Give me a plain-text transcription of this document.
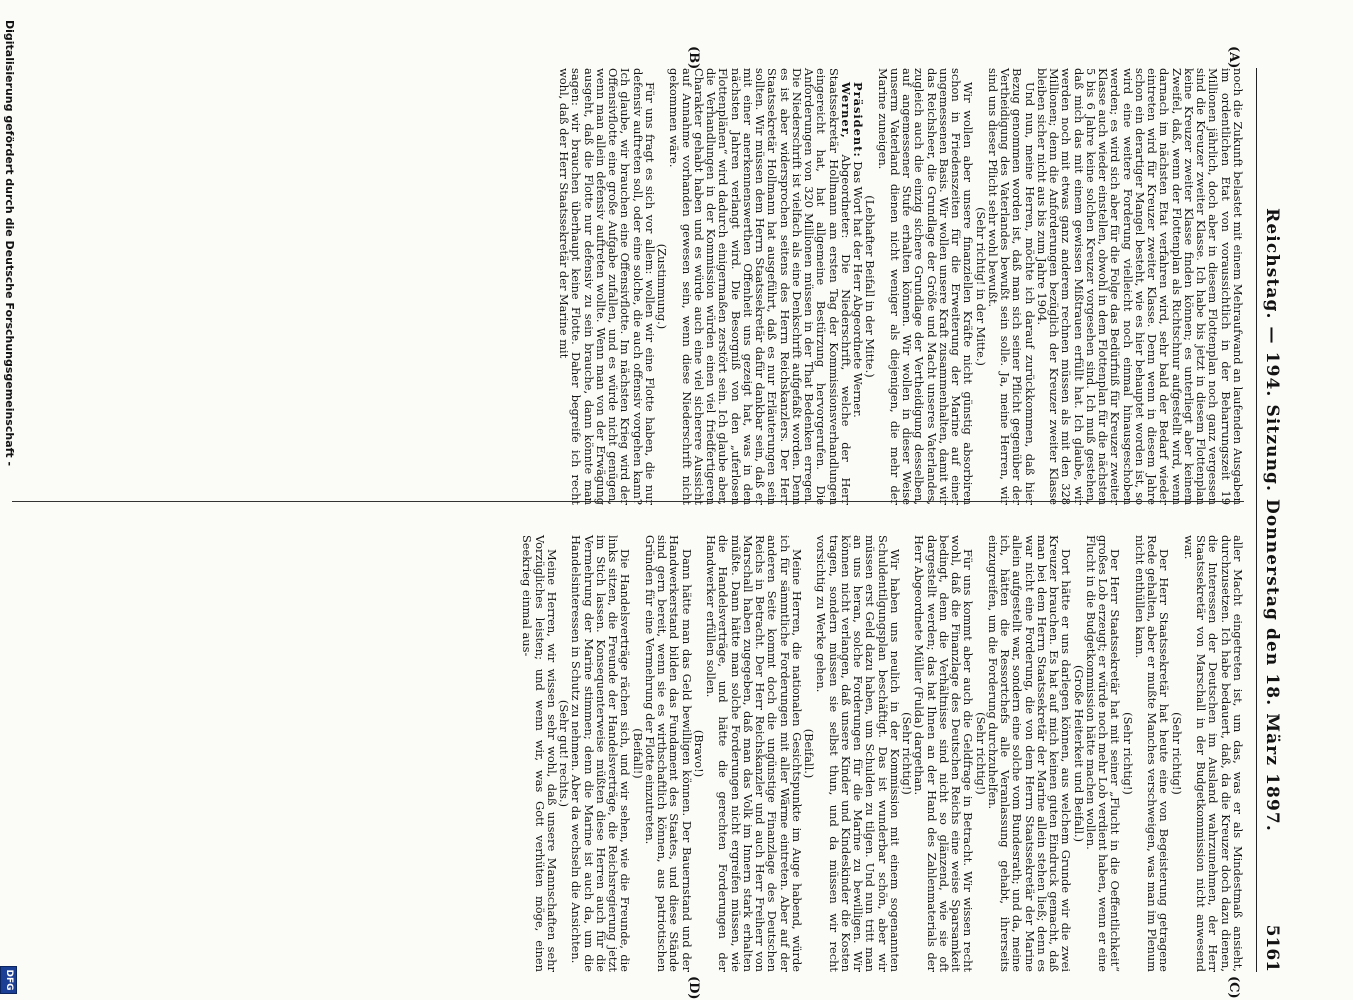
Reichstag. — 194. Sitzung. Donnerstag den 18. März 1897.
5161
(A)
(B)
(C)
(D)

noch die Zukunft belastet mit einem Mehraufwand an laufenden Ausgaben im ordentlichen Etat von voraussichtlich in der Beharrungszeit 19 Millionen jährlich, doch aber in diesem Flottenplan noch ganz vergessen sind die Kreuzer zweiter Klasse. Ich habe bis jetzt in diesem Flottenplan keine Kreuzer zweiter Klasse finden können; es unterliegt aber keinem Zweifel, daß, wenn der Flottenplan als Richtschnur aufgestellt wird, wenn darnach im nächsten Etat verfahren wird, sehr bald der Bedarf wieder eintreten wird für Kreuzer zweiter Klasse. Denn wenn in diesem Jahre schon ein derartiger Mangel besteht, wie es hier behauptet worden ist, so wird eine weitere Forderung vielleicht noch einmal hinausgeschoben werden; es wird sich aber für die Folge das Bedürfniß für Kreuzer zweiter Klasse auch wieder einstellen, obwohl in dem Flottenplan für die nächsten 5 bis 6 Jahre keine solchen Kreuzer vorgesehen sind. Ich muß gestehen, daß mich das mit einem gewissen Mißtrauen erfüllt hat. Ich glaube, wir werden noch mit etwas ganz anderem rechnen müssen als mit den 328 Millionen; denn die Anforderungen bezüglich der Kreuzer zweiter Klasse bleiben sicher nicht aus bis zum Jahre 1904.

Und nun, meine Herren, möchte ich darauf zurückkommen, daß hier Bezug genommen worden ist, daß man sich seiner Pflicht gegenüber der Vertheidigung des Vaterlandes bewußt sein solle. Ja, meine Herren, wir sind uns dieser Pflicht sehr wohl bewußt.

(Sehr richtig! in der Mitte.)

Wir wollen aber unsere finanziellen Kräfte nicht günstig absorbiren schon in Friedenszeiten für die Erweiterung der Marine auf einer ungemessenen Basis. Wir wollen unsere Kraft zusammenhalten, damit wir das Reichsheer, die Grundlage der Größe und Macht unseres Vaterlandes, zugleich auch die einzig sichere Grundlage der Vertheidigung desselben, auf angemessener Stufe erhalten können. Wir wollen in dieser Weise unserm Vaterland dienen nicht weniger als diejenigen, die mehr der Marine zuneigen.

(Lebhafter Beifall in der Mitte.)

Präsident: Das Wort hat der Herr Abgeordnete Werner.

Werner, Abgeordneter: Die Niederschrift, welche der Herr Staatssekretär Hollmann am ersten Tag der Kommissionsverhandlungen eingereicht hat, hat allgemeine Bestürzung hervorgerufen. Die Anforderungen von 320 Millionen müssen in der That Bedenken erregen. Die Niederschrift ist vielfach als eine Denkschrift aufgefaßt worden. Denn es ist aber widersprochen seitens des Herrn Reichskanzlers. Der Herr Staatssekretär Hollmann hat ausgeführt, daß es nur Erläuterungen sein sollten. Wir müssen dem Herrn Staatssekretär dafür dankbar sein, daß er mit einer anerkennenswerthen Offenheit uns gezeigt hat, was in den nächsten Jahren verlangt wird. Die Besorgniß von den „uferlosen Flottenplänen“ wird dadurch einigermaßen zerstört sein. Ich glaube aber, die Verhandlungen in der Kommission würden einen viel friedfertigeren Charakter gehabt haben und es würde auch eine viel sicherere Aussicht auf Annahme vorhanden gewesen sein, wenn diese Niederschrift nicht gekommen wäre.

(Zustimmung.)

Für uns fragt es sich vor allem: wollen wir eine Flotte haben, die nur defensiv auftreten soll, oder eine solche, die auch offensiv vorgehen kann? Ich glaube, wir brauchen eine Offensivflotte. Im nächsten Krieg wird der Offensivflotte eine große Aufgabe zufallen, und es würde nicht genügen, wenn man allein defensiv auftreten wollte. Wenn man von der Erwägung ausgeht, daß die Flotte nur defensiv zu sein brauche, dann könnte man sagen: wir brauchen überhaupt keine Flotte. Daher begreife ich recht wohl, daß der Herr Staatssekretär der Marine mit

aller Macht eingetreten ist, um das, was er als Mindestmaß ansieht, durchzusetzen. Ich habe bedauert, daß, da die Kreuzer doch dazu dienen, die Interessen der Deutschen im Ausland wahrzunehmen, der Herr Staatssekretär von Marschall in der Budgetkommission nicht anwesend war.

(Sehr richtig!)

Der Herr Staatssekretär hat heute eine von Begeisterung getragene Rede gehalten, aber er mußte Manches verschweigen, was man im Plenum nicht enthüllen kann.

(Sehr richtig!)

Der Herr Staatssekretär hat mit seiner „Flucht in die Oeffentlichkeit“ großes Lob erzeugt; er würde noch mehr Lob verdient haben, wenn er eine Flucht in die Budgetkommission hätte machen wollen.

(Große Heiterkeit und Beifall.)

Dort hätte er uns darlegen können, aus welchem Grunde wir die zwei Kreuzer brauchen. Es hat auf mich keinen guten Eindruck gemacht, daß man bei dem Herrn Staatssekretär der Marine allein stehen ließ; denn es war nicht eine Forderung, die von dem Herrn Staatssekretär der Marine allein aufgestellt war, sondern eine solche vom Bundesrath; und da, meine ich, hätten die Ressortchefs alle Veranlassung gehabt, ihrerseits einzugreifen, um die Forderung durchzuhelfen.

(Sehr richtig!)

Für uns kommt aber auch die Geldfrage in Betracht. Wir wissen recht wohl, daß die Finanzlage des Deutschen Reichs eine weise Sparsamkeit bedingt, denn die Verhältnisse sind nicht so glänzend, wie sie oft dargestellt werden; das hat Ihnen an der Hand des Zahlenmaterials der Herr Abgeordnete Müller (Fulda) dargethan.

(Sehr richtig!)

Wir haben uns neulich in der Kommission mit einem sogenannten Schuldentilgungsplan beschäftigt. Das ist wunderbar schön, aber wir müssen erst Geld dazu haben, um Schulden zu tilgen. Und nun tritt man an uns heran, solche Forderungen für die Marine zu bewilligen. Wir können nicht verlangen, daß unsere Kinder und Kindeskinder die Kosten tragen, sondern müssen sie selbst thun, und da müssen wir recht vorsichtig zu Werke gehen.

(Beifall.)

Meine Herren, die nationalen Gesichtspunkte im Auge habend, würde ich für sämmtliche Forderungen mit aller Wärme eintreten. Aber auf der anderen Seite kommt doch die ungünstige Finanzlage des Deutschen Reichs in Betracht. Der Herr Reichskanzler und auch Herr Freiherr von Marschall haben zugegeben, daß man das Volk im Innern stark erhalten müßte. Dann hätte man solche Forderungen nicht ergreifen müssen, wie die Handelsverträge, und hätte die gerechten Forderungen der Handwerker erfüllen sollen.

(Bravo!)

Dann hätte man das Geld bewilligen können. Der Bauernstand und der Handwerkerstand bilden das Fundament des Staates, und diese Stände sind gern bereit, wenn sie es wirthschaftlich können, aus patriotischen Gründen für eine Vermehrung der Flotte einzutreten.

(Beifall!)

Die Handelsverträge rächen sich, und wir sehen, wie die Freunde, die links sitzen, die Freunde der Handelsverträge, die Reichsregierung jetzt im Stich lassen. Konsequenterweise müßten diese Herren auch für die Vermehrung der Marine stimmen; denn die Marine ist auch da, um die Handelsinteressen in Schutz zu nehmen. Aber da wechseln die Ansichten.

(Sehr gut! rechts.)

Meine Herren, wir wissen sehr wohl, daß unsere Mannschaften sehr Vorzügliches leisten; und wenn wir, was Gott verhüten möge, einen Seekrieg einmal aus-

Digitalisierung gefördert durch die Deutsche Forschungsgemeinschaft -
DFG
